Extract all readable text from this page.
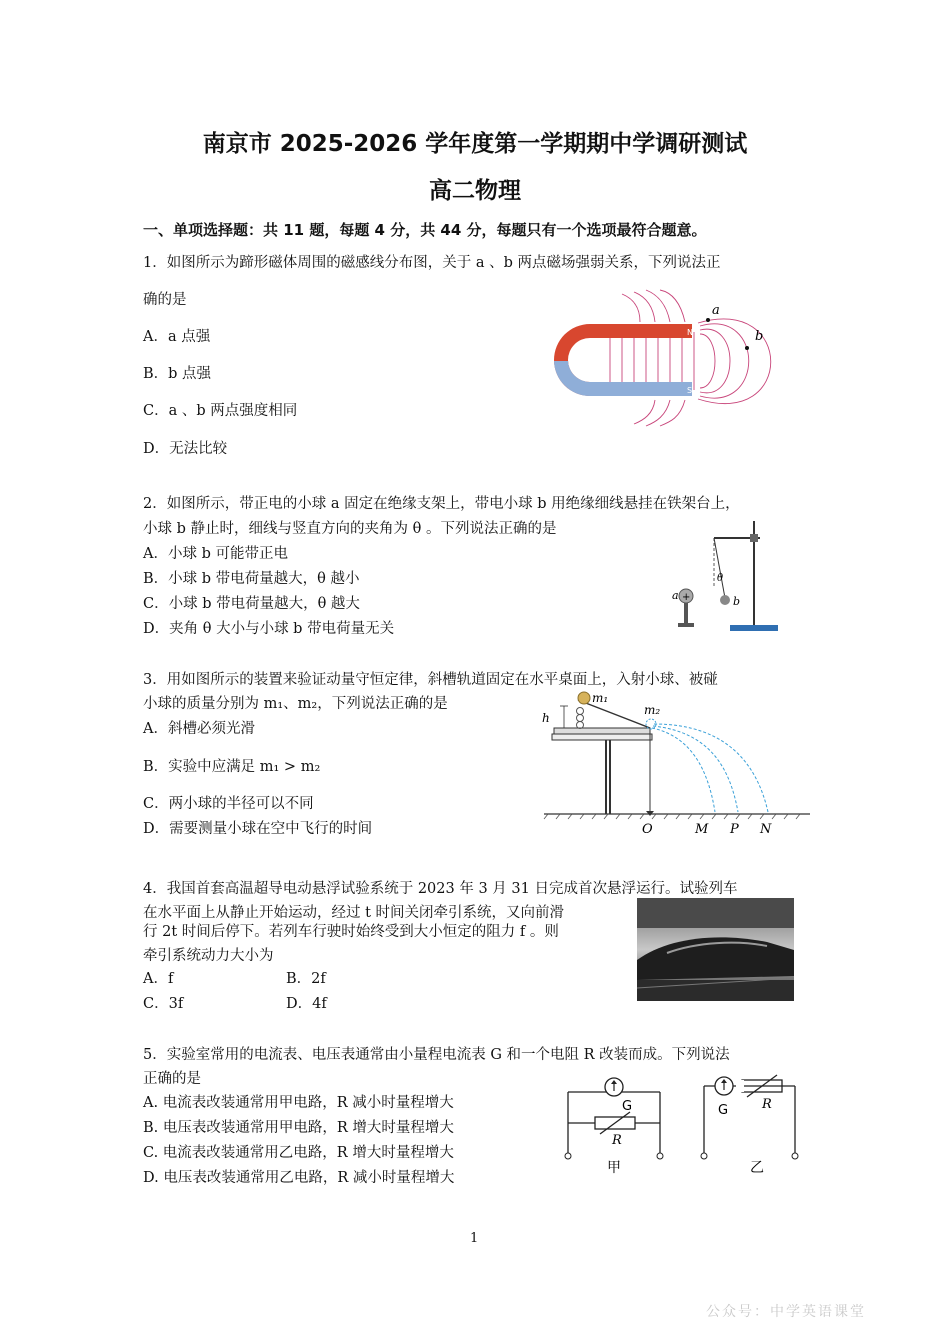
南京市 2025-2026 学年度第一学期期中学调研测试
高二物理
一、单项选择题：共 11 题，每题 4 分，共 44 分，每题只有一个选项最符合题意。
1．如图所示为蹄形磁体周围的磁感线分布图，关于 a 、b 两点磁场强弱关系，下列说法正
确的是
A．a 点强
B．b 点强
C．a 、b 两点强度相同
D．无法比较
N
S
a
b
2．如图所示，带正电的小球 a 固定在绝缘支架上，带电小球 b 用绝缘细线悬挂在铁架台上，
小球 b 静止时，细线与竖直方向的夹角为 θ 。下列说法正确的是
A．小球 b 可能带正电
B．小球 b 带电荷量越大，θ 越小
C．小球 b 带电荷量越大，θ 越大
D．夹角 θ 大小与小球 b 带电荷量无关
+
a	b
θ
3．用如图所示的装置来验证动量守恒定律，斜槽轨道固定在水平桌面上，入射小球、被碰
小球的质量分别为 m₁、m₂，下列说法正确的是
A．斜槽必须光滑
B．实验中应满足 m₁ > m₂
C．两小球的半径可以不同
D．需要测量小球在空中飞行的时间
h
m₁
m₂
O	M P N
4．我国首套高温超导电动悬浮试验系统于 2023 年 3 月 31 日完成首次悬浮运行。试验列车
在水平面上从静止开始运动，经过 t 时间关闭牵引系统，又向前滑
行 2t 时间后停下。若列车行驶时始终受到大小恒定的阻力 f 。则
牵引系统动力大小为
A．f	B．2f
C．3f	D．4f
5．实验室常用的电流表、电压表通常由小量程电流表 G 和一个电阻 R 改装而成。下列说法
正确的是
A. 电流表改装通常用甲电路，R 减小时量程增大
B. 电压表改装通常用甲电路，R 增大时量程增大
C. 电流表改装通常用乙电路，R 增大时量程增大
D. 电压表改装通常用乙电路，R 减小时量程增大
G
R
G	R
甲	乙
1
公众号：中学英语课堂
